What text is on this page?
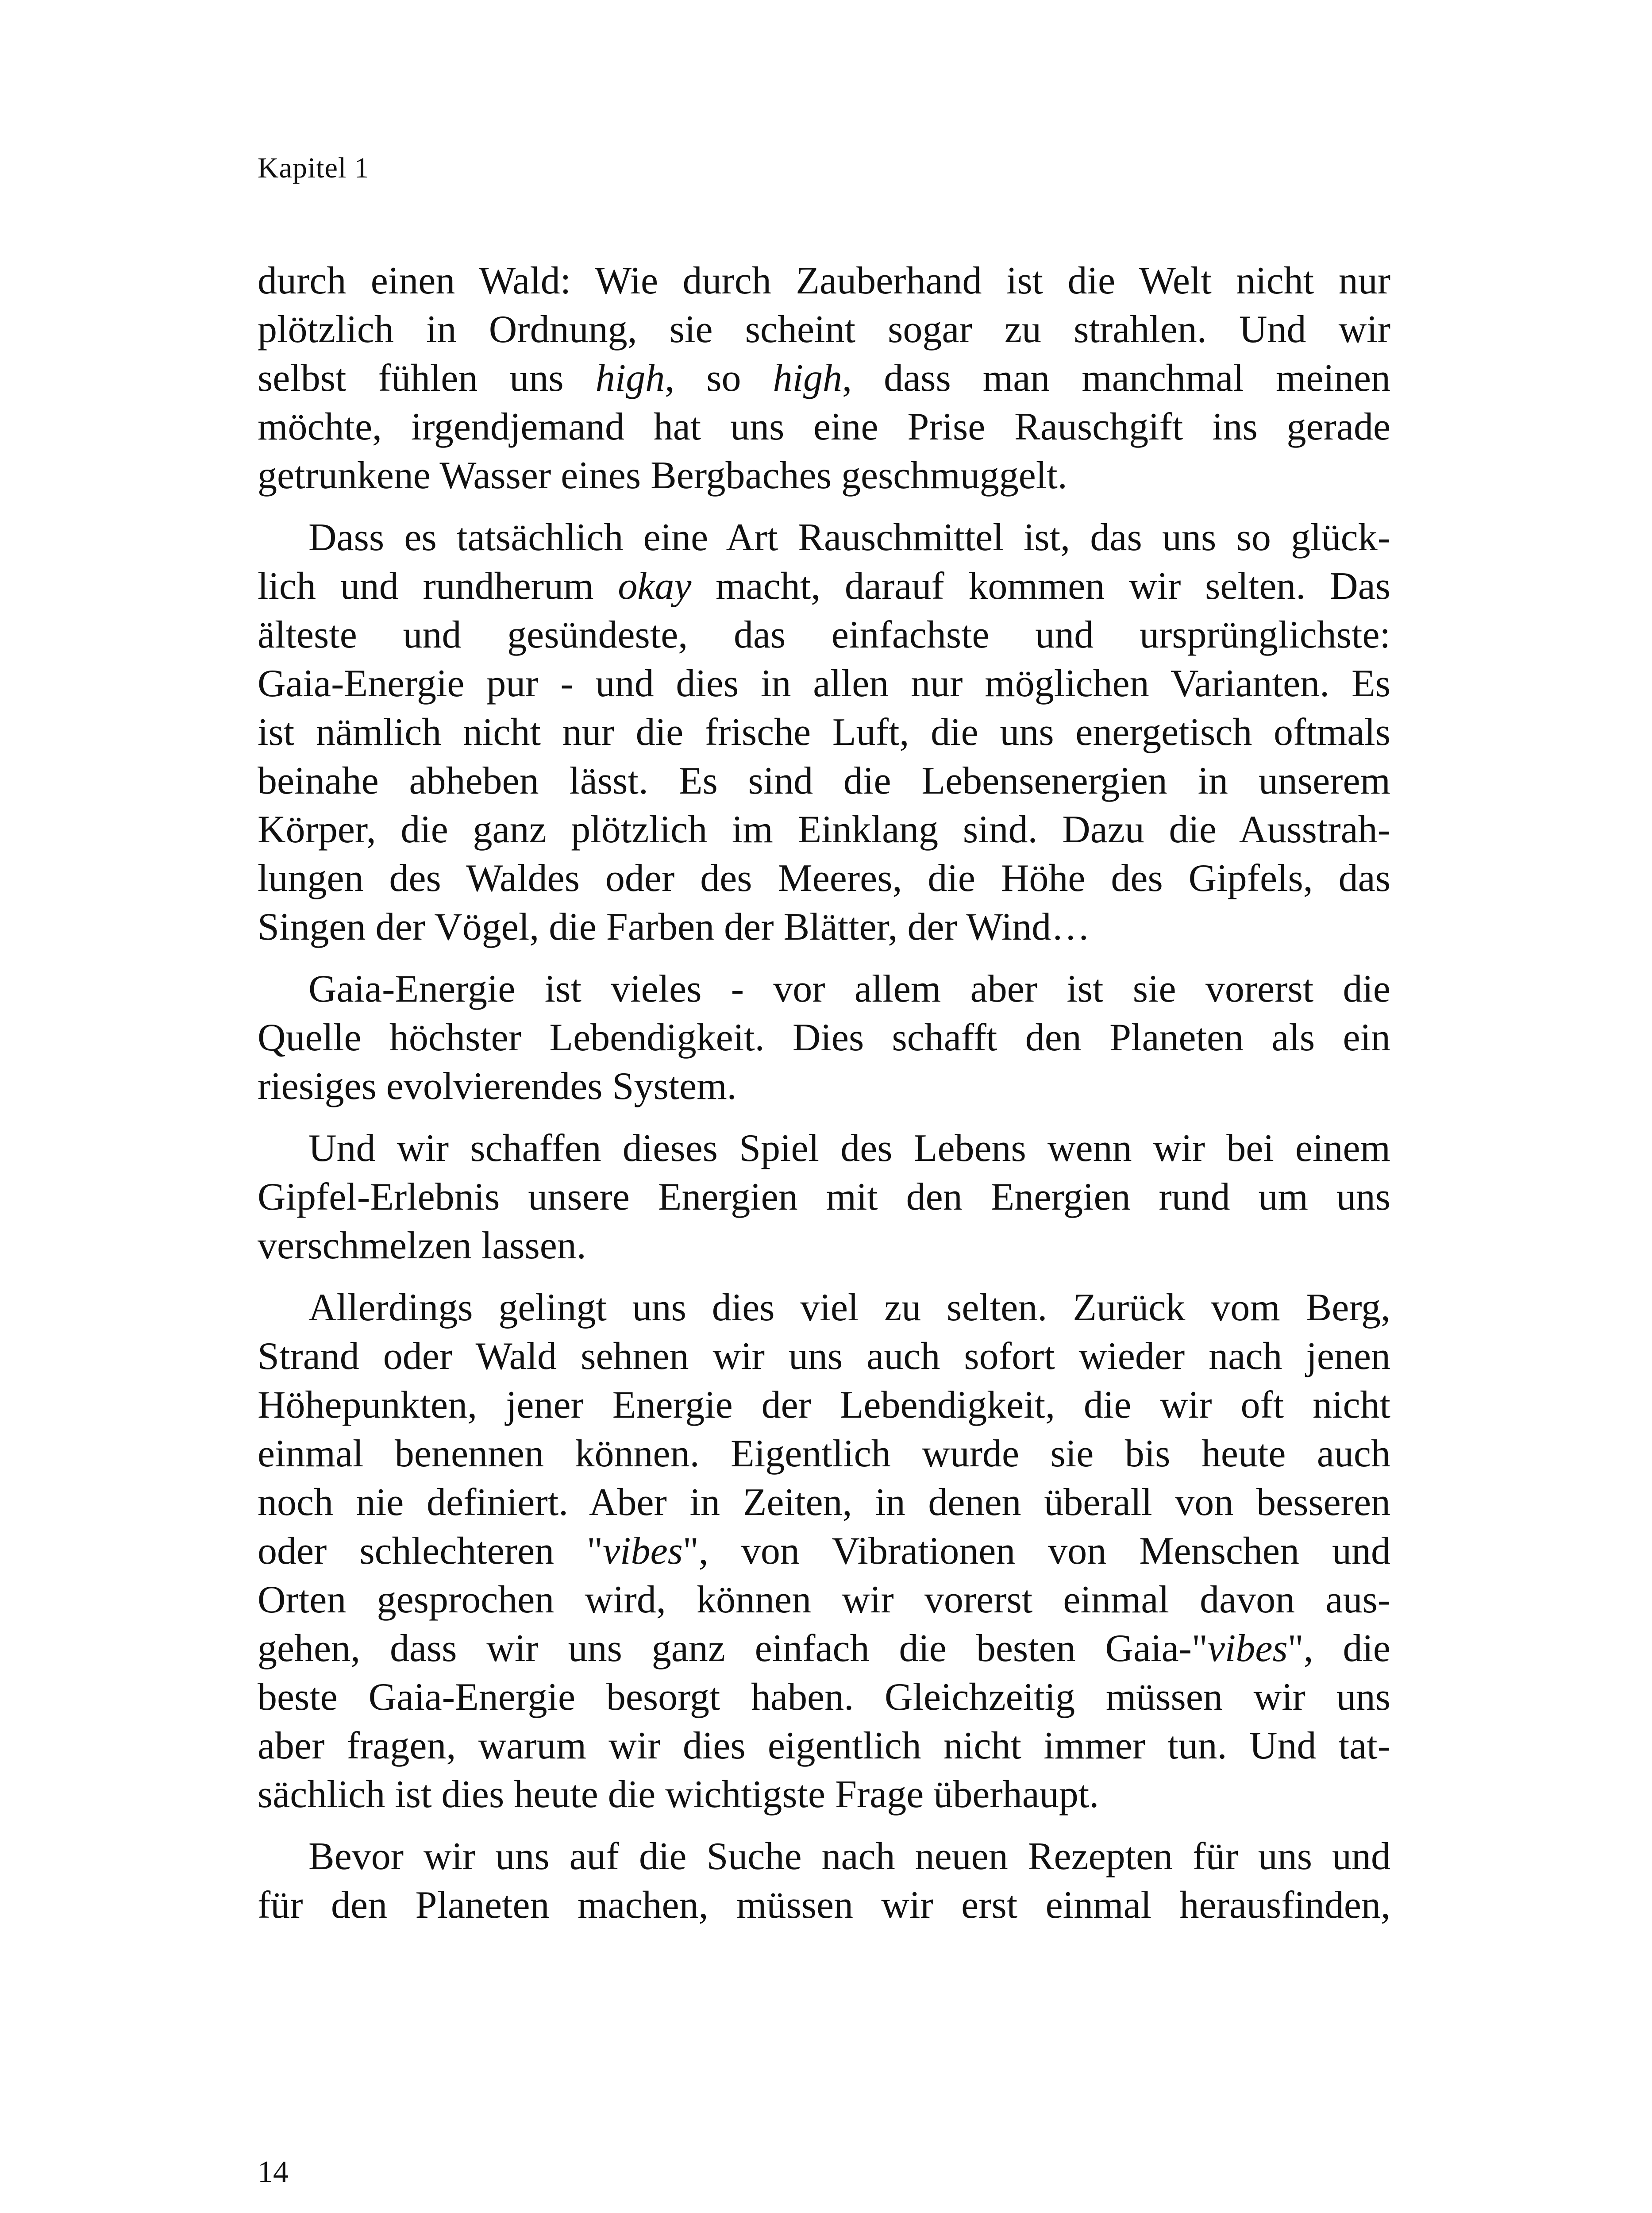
Kapitel 1
durch einen Wald: Wie durch Zauberhand ist die Welt nicht nur
plötzlich in Ordnung, sie scheint sogar zu strahlen. Und wir
selbst fühlen uns high, so high, dass man manchmal meinen
möchte, irgendjemand hat uns eine Prise Rauschgift ins gerade
getrunkene Wasser eines Bergbaches geschmuggelt.
Dass es tatsächlich eine Art Rauschmittel ist, das uns so glück-
lich und rundherum okay macht, darauf kommen wir selten. Das
älteste und gesündeste, das einfachste und ursprünglichste:
Gaia-Energie pur - und dies in allen nur möglichen Varianten. Es
ist nämlich nicht nur die frische Luft, die uns energetisch oftmals
beinahe abheben lässt. Es sind die Lebensenergien in unserem
Körper, die ganz plötzlich im Einklang sind. Dazu die Ausstrah-
lungen des Waldes oder des Meeres, die Höhe des Gipfels, das
Singen der Vögel, die Farben der Blätter, der Wind…
Gaia-Energie ist vieles - vor allem aber ist sie vorerst die
Quelle höchster Lebendigkeit. Dies schafft den Planeten als ein
riesiges evolvierendes System.
Und wir schaffen dieses Spiel des Lebens wenn wir bei einem
Gipfel-Erlebnis unsere Energien mit den Energien rund um uns
verschmelzen lassen.
Allerdings gelingt uns dies viel zu selten. Zurück vom Berg,
Strand oder Wald sehnen wir uns auch sofort wieder nach jenen
Höhepunkten, jener Energie der Lebendigkeit, die wir oft nicht
einmal benennen können. Eigentlich wurde sie bis heute auch
noch nie definiert. Aber in Zeiten, in denen überall von besseren
oder schlechteren "vibes", von Vibrationen von Menschen und
Orten gesprochen wird, können wir vorerst einmal davon aus-
gehen, dass wir uns ganz einfach die besten Gaia-"vibes", die
beste Gaia-Energie besorgt haben. Gleichzeitig müssen wir uns
aber fragen, warum wir dies eigentlich nicht immer tun. Und tat-
sächlich ist dies heute die wichtigste Frage überhaupt.
Bevor wir uns auf die Suche nach neuen Rezepten für uns und
für den Planeten machen, müssen wir erst einmal herausfinden,
14
